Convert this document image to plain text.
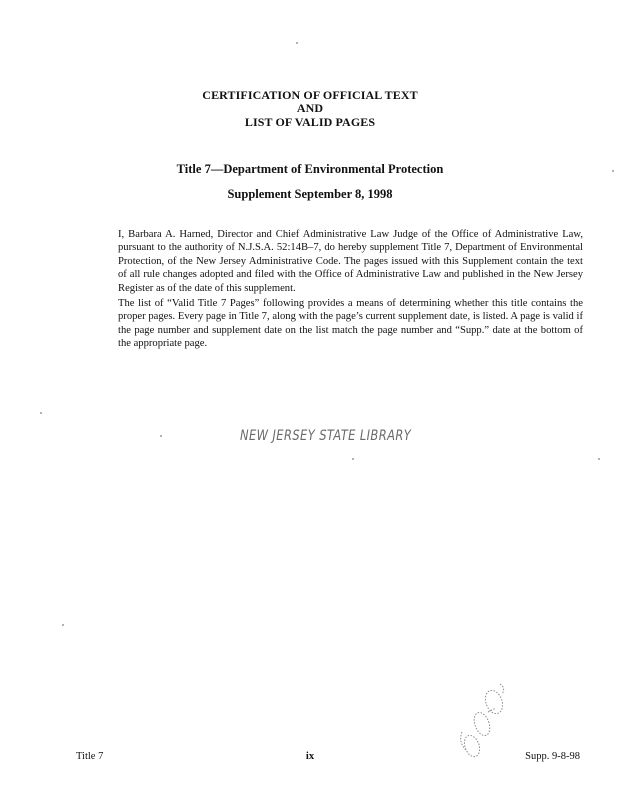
CERTIFICATION OF OFFICIAL TEXT
AND
LIST OF VALID PAGES
Title 7—Department of Environmental Protection
Supplement September 8, 1998
I, Barbara A. Harned, Director and Chief Administrative Law Judge of the Office of Administrative Law, pursuant to the authority of N.J.S.A. 52:14B–7, do hereby supplement Title 7, Department of Environmental Protection, of the New Jersey Administrative Code. The pages issued with this Supplement contain the text of all rule changes adopted and filed with the Office of Administrative Law and published in the New Jersey Register as of the date of this supplement.
The list of “Valid Title 7 Pages” following provides a means of determining whether this title contains the proper pages. Every page in Title 7, along with the page’s current supplement date, is listed. A page is valid if the page number and supplement date on the list match the page number and “Supp.” date at the bottom of the appropriate page.
NEW JERSEY STATE LIBRARY
Title 7	ix	Supp. 9-8-98
